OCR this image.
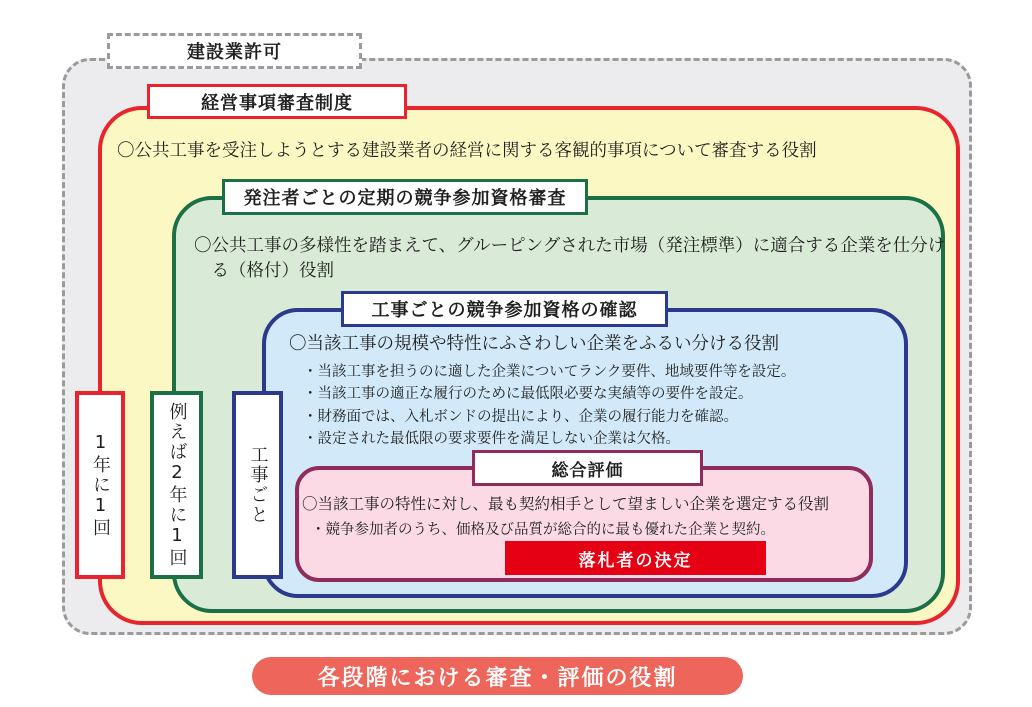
建設業許可
経営事項審査制度
発注者ごとの定期の競争参加資格審査
工事ごとの競争参加資格の確認
総合評価
〇公共工事を受注しようとする建設業者の経営に関する客観的事項について審査する役割
〇公共工事の多様性を踏まえて、グルーピングされた市場（発注標準）に適合する企業を仕分ける（格付）役割
〇当該工事の規模や特性にふさわしい企業をふるい分ける役割
・当該工事を担うのに適した企業についてランク要件、地域要件等を設定。
・当該工事の適正な履行のために最低限必要な実績等の要件を設定。
・財務面では、入札ボンドの提出により、企業の履行能力を確認。
・設定された最低限の要求要件を満足しない企業は欠格。
〇当該工事の特性に対し、最も契約相手として望ましい企業を選定する役割
・競争参加者のうち、価格及び品質が総合的に最も優れた企業と契約。
落札者の決定
1年に1回	例えば2年に1回	工事ごと
各段階における審査・評価の役割
